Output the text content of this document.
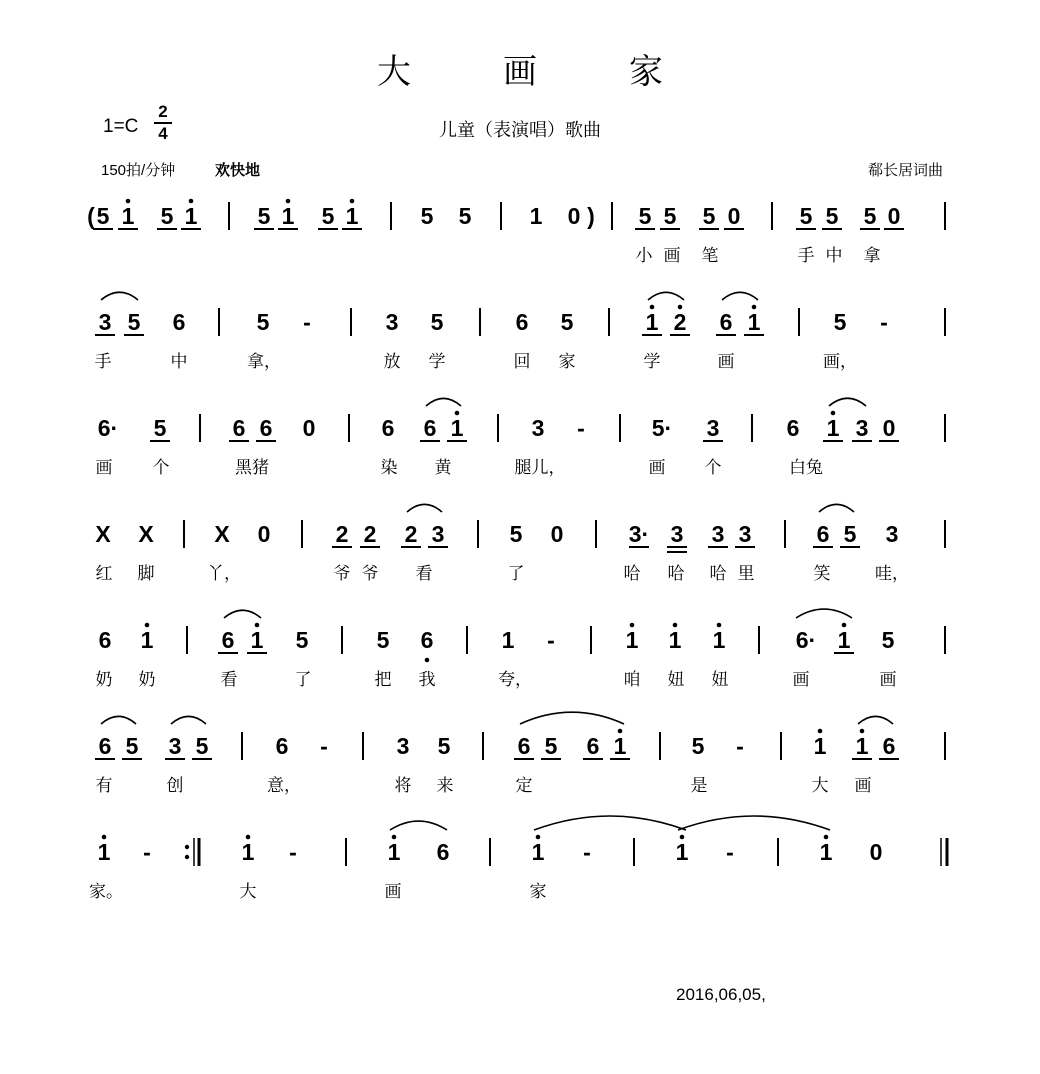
大	画	家
1=C
2
4	儿童（表演唱）歌曲
150拍/分钟	欢快地	郗长居词曲
( 5 1 5 1	5 1 5 1	5 5	1 0 ) 5 5 5 0	5 5 5 0
小 画 笔	手 中 拿
3 5 6	5 -	3 5	6 5	1 2 6 1	5 -
手	中	拿，	放 学	回 家	学	画	画，
6· 5	6 6 0	6 6 1	3 -	5· 3	6 1 3 0
画 个	黑猪	染 黄	腿儿，	画 个	白兔
X X	X 0	2 2 2 3	5 0	3· 3 3 3	6 5 3
红 脚	丫，	爷 爷 看	了	哈 哈 哈 里	笑	哇，
6 1	6 1 5	5 6	1 -	1 1 1	6· 1 5
奶 奶	看	了	把 我	夸，	咱 妞 妞	画	画
6 5 3 5	6 -	3 5	6 5 6 1	5 -	1 1 6
有	创	意，	将 来	定	是	大 画
1 -	1 -	1 6	1 -	1 -	1 0
家。	大	画	家
2016,06,05,
